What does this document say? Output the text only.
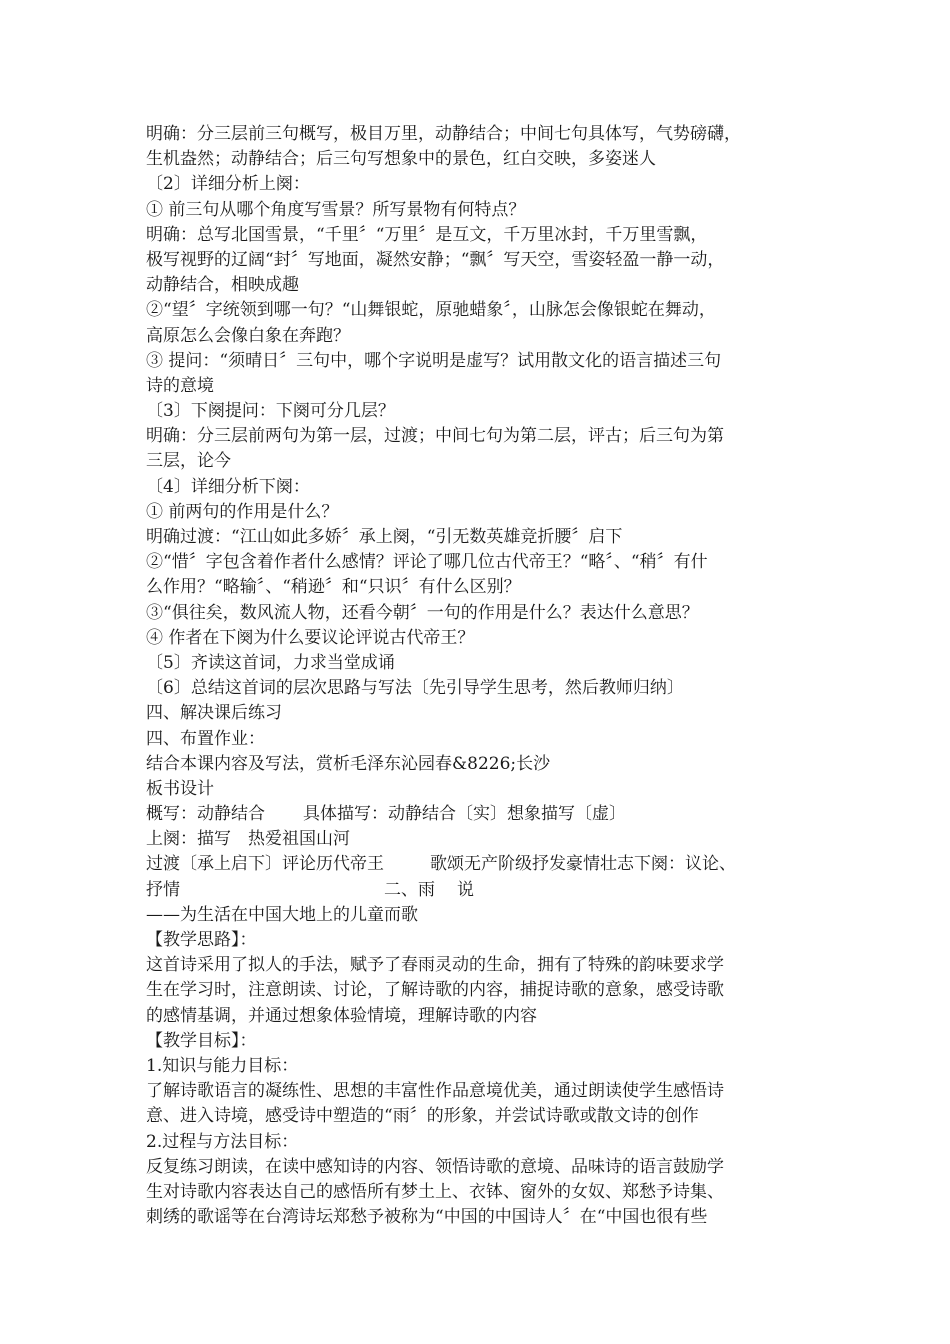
明确：分三层前三句概写，极目万里，动静结合；中间七句具体写，气势磅礴，
生机盎然；动静结合；后三句写想象中的景色，红白交映，多姿迷人
〔2〕详细分析上阕：
① 前三句从哪个角度写雪景？所写景物有何特点？
明确：总写北国雪景，“千里〞“万里〞是互文，千万里冰封，千万里雪飘，
极写视野的辽阔“封〞写地面，凝然安静；“飘〞写天空，雪姿轻盈一静一动，
动静结合，相映成趣
②“望〞字统领到哪一句？“山舞银蛇，原驰蜡象〞，山脉怎会像银蛇在舞动，
高原怎么会像白象在奔跑？
③ 提问：“须晴日〞三句中，哪个字说明是虚写？试用散文化的语言描述三句
诗的意境
〔3〕下阕提问：下阕可分几层？
明确：分三层前两句为第一层，过渡；中间七句为第二层，评古；后三句为第
三层，论今
〔4〕详细分析下阕：
① 前两句的作用是什么？
明确过渡：“江山如此多娇〞承上阕，“引无数英雄竞折腰〞启下
②“惜〞字包含着作者什么感情？评论了哪几位古代帝王？“略〞、“稍〞有什
么作用？“略输〞、“稍逊〞和“只识〞有什么区别？
③“俱往矣，数风流人物，还看今朝〞一句的作用是什么？表达什么意思？
④ 作者在下阕为什么要议论评说古代帝王？
〔5〕齐读这首词，力求当堂成诵
〔6〕总结这首词的层次思路与写法〔先引导学生思考，然后教师归纳〕
四、解决课后练习
四、布置作业：
结合本课内容及写法，赏析毛泽东沁园春&8226;长沙
板书设计
概写：动静结合 具体描写：动静结合〔实〕想象描写〔虚〕
上阕：描写　热爱祖国山河
过渡〔承上启下〕评论历代帝王	歌颂无产阶级抒发豪情壮志下阕：议论、
抒情	二、雨 说
——为生活在中国大地上的儿童而歌
【教学思路】：
这首诗采用了拟人的手法，赋予了春雨灵动的生命，拥有了特殊的韵味要求学
生在学习时，注意朗读、讨论，了解诗歌的内容，捕捉诗歌的意象，感受诗歌
的感情基调，并通过想象体验情境，理解诗歌的内容
【教学目标】：
1.知识与能力目标：
了解诗歌语言的凝练性、思想的丰富性作品意境优美，通过朗读使学生感悟诗
意、进入诗境，感受诗中塑造的“雨〞的形象，并尝试诗歌或散文诗的创作
2.过程与方法目标：
反复练习朗读，在读中感知诗的内容、领悟诗歌的意境、品味诗的语言鼓励学
生对诗歌内容表达自己的感悟所有梦土上、衣钵、窗外的女奴、郑愁予诗集、
刺绣的歌谣等在台湾诗坛郑愁予被称为“中国的中国诗人〞在“中国也很有些
